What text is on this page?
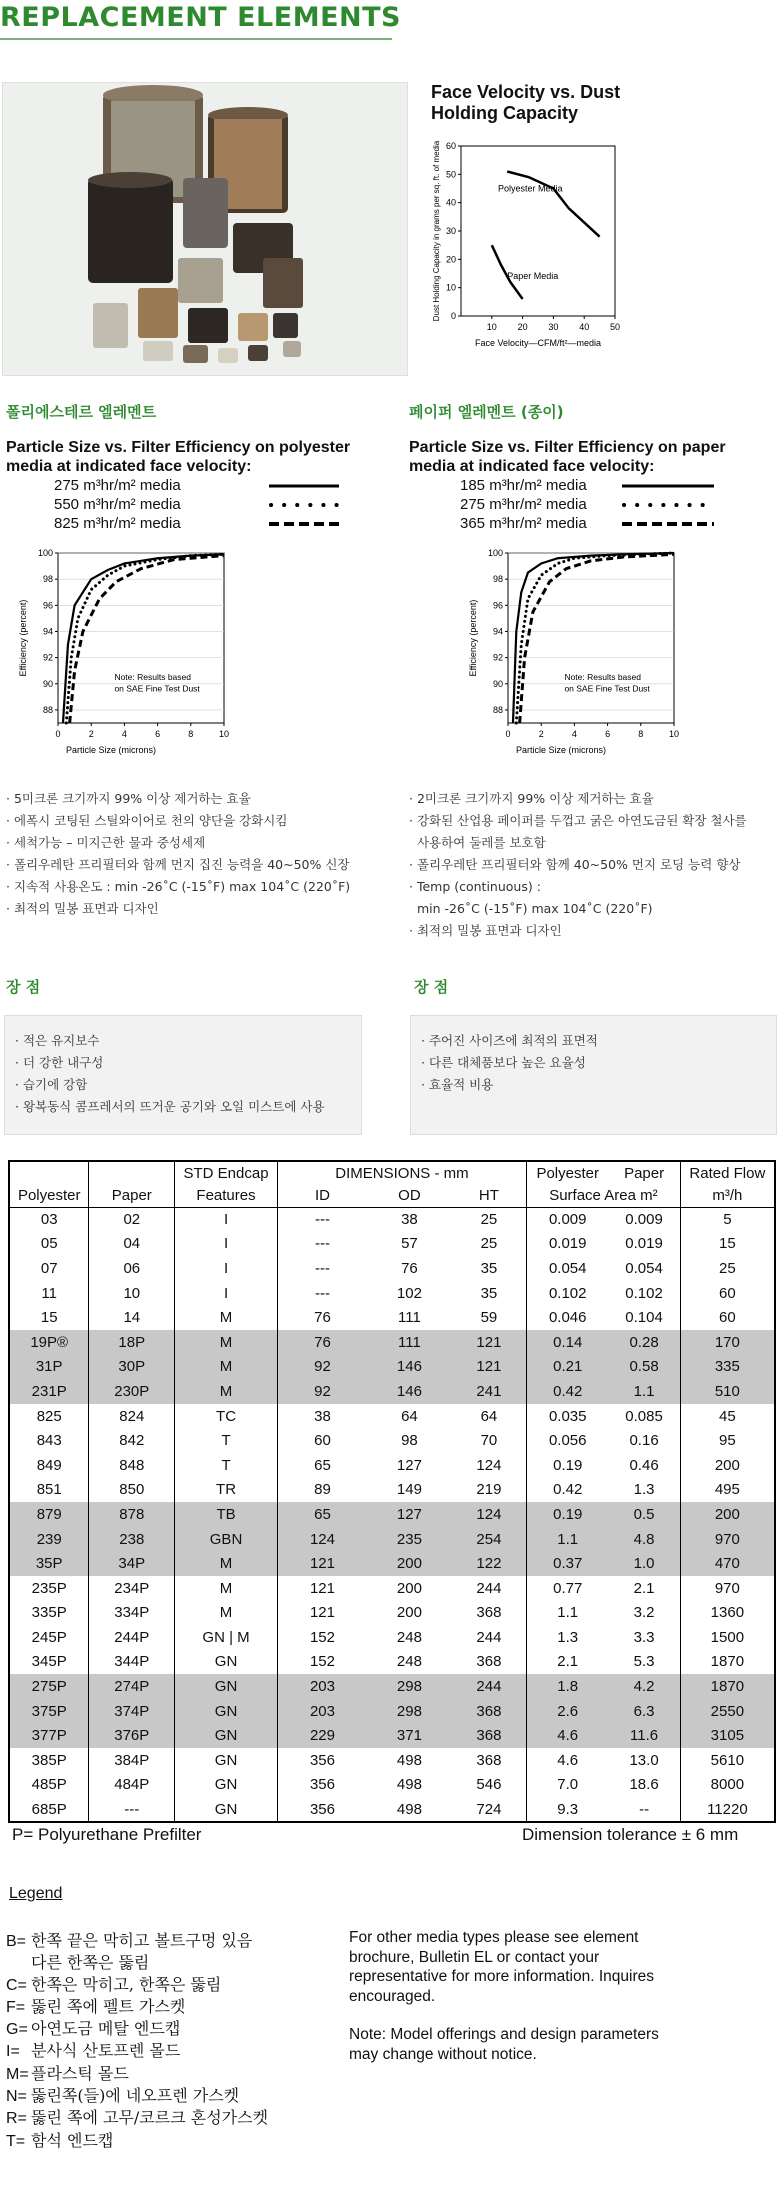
REPLACEMENT ELEMENTS
Face Velocity vs. Dust Holding Capacity
10 20 30 40 50
0
10
20
30
40
50
60
Face Velocity—CFM/ft²—media
Dust Holding Capacity in grams per sq. ft. of media	Polyester Media
Paper Media
폴리에스테르 엘레멘트
Particle Size vs. Filter Efficiency on polyester media at indicated face velocity:
275 m³hr/m² media
550 m³hr/m² media
825 m³hr/m² media
100
98
96
94
92
90
88
0	2	4	6	8	10
Particle Size (microns)
Efficiency (percent)
Note: Results based
on SAE Fine Test Dust
· 5미크론 크기까지 99% 이상 제거하는 효율
· 에폭시 코팅된 스틸와이어로 천의 양단을 강화시킴
· 세척가능 – 미지근한 물과 중성세제
· 폴리우레탄 프리필터와 함께 먼지 집진 능력을 40~50% 신장
· 지속적 사용온도 : min -26˚C (-15˚F) max 104˚C (220˚F)
· 최적의 밀봉 표면과 디자인
장 점
· 적은 유지보수
· 더 강한 내구성
· 습기에 강함
· 왕복동식 콤프레서의 뜨거운 공기와 오일 미스트에 사용
페이퍼 엘레멘트 (종이)
Particle Size vs. Filter Efficiency on paper media at indicated face velocity:
185 m³hr/m² media
275 m³hr/m² media
365 m³hr/m² media
100
98
96
94
92
90
88
0	2	4	6	8	10
Particle Size (microns)
Efficiency (percent)
Note: Results based
on SAE Fine Test Dust
· 2미크론 크기까지 99% 이상 제거하는 효율
· 강화된 산업용 페이퍼를 두껍고 굵은 아연도금된 확장 철사를
사용하여 둘레를 보호함
· 폴리우레탄 프리필터와 함께 40~50% 먼지 로딩 능력 향상
· Temp (continuous) :
min -26˚C (-15˚F) max 104˚C (220˚F)
· 최적의 밀봉 표면과 디자인
장 점
· 주어진 사이즈에 최적의 표면적
· 다른 대체품보다 높은 요율성
· 효율적 비용
		STD Endcap	DIMENSIONS - mm			Polyester	Paper	Rated Flow
Polyester	Paper	Features	ID	OD	HT	Surface Area m²		m³/h
03	02	I	---	38	25	0.009	0.009	5
05	04	I	---	57	25	0.019	0.019	15
07	06	I	---	76	35	0.054	0.054	25
11	10	I	---	102	35	0.102	0.102	60
15	14	M	76	111	59	0.046	0.104	60
19P®	18P	M	76	111	121	0.14	0.28	170
31P	30P	M	92	146	121	0.21	0.58	335
231P	230P	M	92	146	241	0.42	1.1	510
825	824	TC	38	64	64	0.035	0.085	45
843	842	T	60	98	70	0.056	0.16	95
849	848	T	65	127	124	0.19	0.46	200
851	850	TR	89	149	219	0.42	1.3	495
879	878	TB	65	127	124	0.19	0.5	200
239	238	GBN	124	235	254	1.1	4.8	970
35P	34P	M	121	200	122	0.37	1.0	470
235P	234P	M	121	200	244	0.77	2.1	970
335P	334P	M	121	200	368	1.1	3.2	1360
245P	244P	GN | M	152	248	244	1.3	3.3	1500
345P	344P	GN	152	248	368	2.1	5.3	1870
275P	274P	GN	203	298	244	1.8	4.2	1870
375P	374P	GN	203	298	368	2.6	6.3	2550
377P	376P	GN	229	371	368	4.6	11.6	3105
385P	384P	GN	356	498	368	4.6	13.0	5610
485P	484P	GN	356	498	546	7.0	18.6	8000
685P	---	GN	356	498	724	9.3	--	11220
P= Polyurethane Prefilter	Dimension tolerance ± 6 mm
Legend
B= 한쪽 끝은 막히고 볼트구멍 있음
다른 한쪽은 뚫림
C= 한쪽은 막히고, 한쪽은 뚫림
F= 뚫린 쪽에 펠트 가스켓
G= 아연도금 메탈 엔드캡
I= 분사식 산토프렌 몰드
M= 플라스틱 몰드
N= 뚫린쪽(들)에 네오프렌 가스켓
R= 뚫린 쪽에 고무/코르크 혼성가스켓
T= 함석 엔드캡

For other media types please see element brochure, Bulletin EL or contact your representative for more information. Inquires encouraged.

Note: Model offerings and design parameters may change without notice.
